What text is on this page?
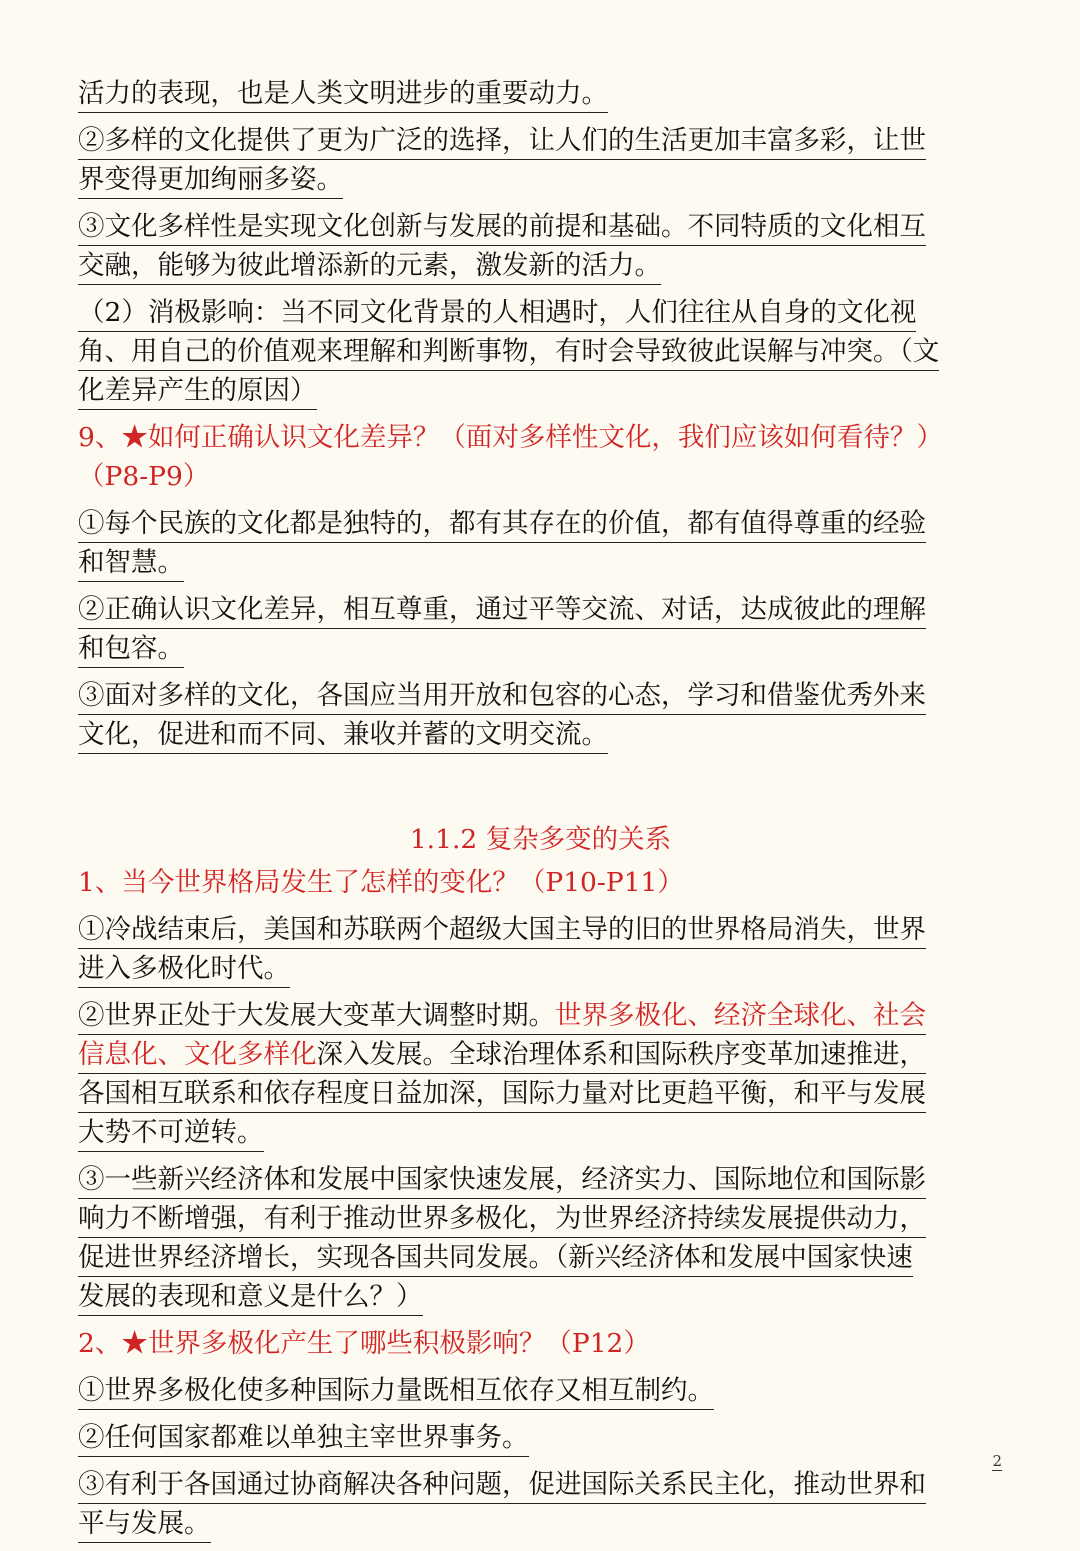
活力的表现，也是人类文明进步的重要动力。
②多样的文化提供了更为广泛的选择，让人们的生活更加丰富多彩，让世
界变得更加绚丽多姿。
③文化多样性是实现文化创新与发展的前提和基础。不同特质的文化相互
交融，能够为彼此增添新的元素，激发新的活力。
（2）消极影响：当不同文化背景的人相遇时，人们往往从自身的文化视
角、用自己的价值观来理解和判断事物，有时会导致彼此误解与冲突。（文
化差异产生的原因）
9、★如何正确认识文化差异？（面对多样性文化，我们应该如何看待？）
（P8-P9）
①每个民族的文化都是独特的，都有其存在的价值，都有值得尊重的经验
和智慧。
②正确认识文化差异，相互尊重，通过平等交流、对话，达成彼此的理解
和包容。
③面对多样的文化，各国应当用开放和包容的心态，学习和借鉴优秀外来
文化，促进和而不同、兼收并蓄的文明交流。
1.1.2 复杂多变的关系
1、当今世界格局发生了怎样的变化？（P10-P11）
①冷战结束后，美国和苏联两个超级大国主导的旧的世界格局消失，世界
进入多极化时代。
②世界正处于大发展大变革大调整时期。世界多极化、经济全球化、社会
信息化、文化多样化深入发展。全球治理体系和国际秩序变革加速推进，
各国相互联系和依存程度日益加深，国际力量对比更趋平衡，和平与发展
大势不可逆转。
③一些新兴经济体和发展中国家快速发展，经济实力、国际地位和国际影
响力不断增强，有利于推动世界多极化，为世界经济持续发展提供动力，
促进世界经济增长，实现各国共同发展。（新兴经济体和发展中国家快速
发展的表现和意义是什么？）
2、★世界多极化产生了哪些积极影响？（P12）
①世界多极化使多种国际力量既相互依存又相互制约。
②任何国家都难以单独主宰世界事务。
③有利于各国通过协商解决各种问题，促进国际关系民主化，推动世界和
平与发展。
2
